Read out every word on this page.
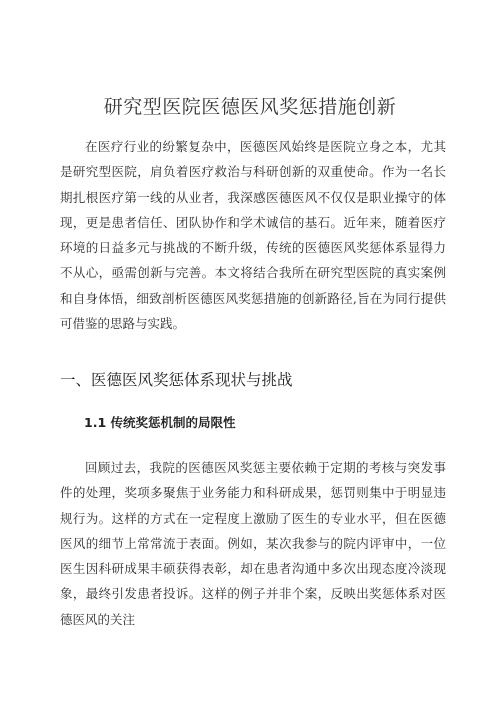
研究型医院医德医风奖惩措施创新

在医疗行业的纷繁复杂中，医德医风始终是医院立身之本，尤其是研究型医院，肩负着医疗救治与科研创新的双重使命。作为一名长期扎根医疗第一线的从业者，我深感医德医风不仅仅是职业操守的体现，更是患者信任、团队协作和学术诚信的基石。近年来，随着医疗环境的日益多元与挑战的不断升级，传统的医德医风奖惩体系显得力不从心，亟需创新与完善。本文将结合我所在研究型医院的真实案例和自身体悟，细致剖析医德医风奖惩措施的创新路径,旨在为同行提供可借鉴的思路与实践。

一、医德医风奖惩体系现状与挑战
1.1 传统奖惩机制的局限性

回顾过去，我院的医德医风奖惩主要依赖于定期的考核与突发事件的处理，奖项多聚焦于业务能力和科研成果，惩罚则集中于明显违规行为。这样的方式在一定程度上激励了医生的专业水平，但在医德医风的细节上常常流于表面。例如，某次我参与的院内评审中，一位医生因科研成果丰硕获得表彰，却在患者沟通中多次出现态度冷淡现象，最终引发患者投诉。这样的例子并非个案，反映出奖惩体系对医德医风的关注
